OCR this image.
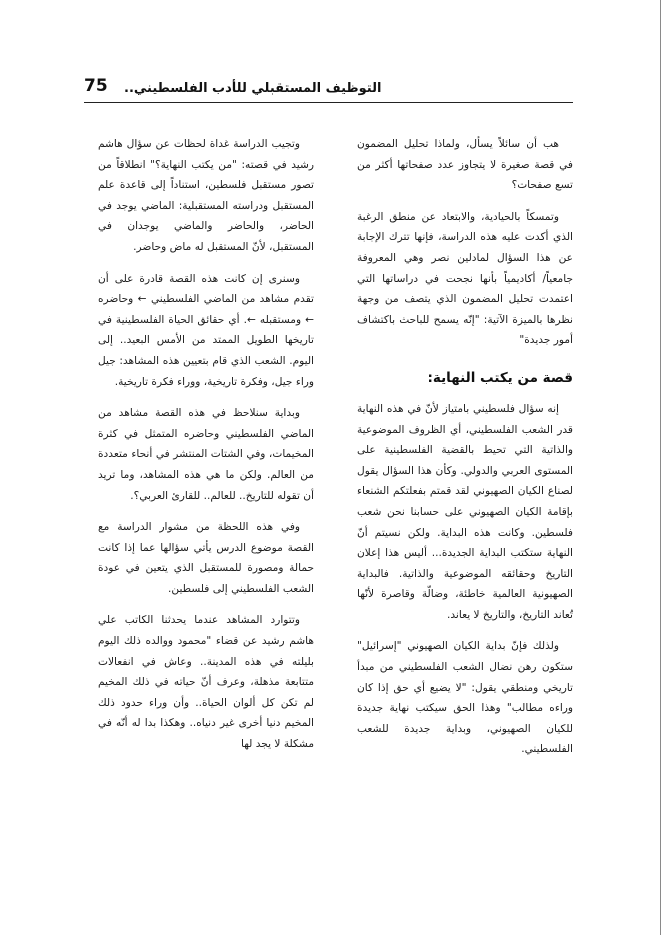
75 التوظيف المستقبلي للأدب الفلسطيني..

هب أن سائلاً يسأل، ولماذا تحليل المضمون في قصة صغيرة لا يتجاوز عدد صفحاتها أكثر من تسع صفحات؟

وتمسكاً بالحيادية، والابتعاد عن منطق الرغبة الذي أكدت عليه هذه الدراسة، فإنها تترك الإجابة عن هذا السؤال لمادلين نصر وهي المعروفة جامعياً/ أكاديمياً بأنها نجحت في دراساتها التي اعتمدت تحليل المضمون الذي يتصف من وجهة نظرها بالميزة الآتية: "إنّه يسمح للباحث باكتشاف أمور جديدة"

قصة من يكتب النهاية:

إنه سؤال فلسطيني بامتياز لأنّ في هذه النهاية قدر الشعب الفلسطيني، أي الظروف الموضوعية والذاتية التي تحيط بالقضية الفلسطينية على المستوى العربي والدولي. وكأن هذا السؤال يقول لصناع الكيان الصهيوني لقد قمتم بفعلتكم الشنعاء بإقامة الكيان الصهيوني على حسابنا نحن شعب فلسطين. وكانت هذه البداية. ولكن نسيتم أنّ النهاية ستكتب البداية الجديدة... أليس هذا إعلان التاريخ وحقائقه الموضوعية والذاتية. فالبداية الصهيونية العالمية خاطئة، وضالّة وقاصرة لأنّها تُعاند التاريخ، والتاريخ لا يعاند.

ولذلك فإنّ بداية الكيان الصهيوني "إسرائيل" ستكون رهن نضال الشعب الفلسطيني من مبدأ تاريخي ومنطقي يقول: "لا يضيع أي حق إذا كان وراءه مطالب" وهذا الحق سيكتب نهاية جديدة للكيان الصهيوني، وبداية جديدة للشعب الفلسطيني.

وتجيب الدراسة غداة لحظات عن سؤال هاشم رشيد في قصته: "من يكتب النهاية؟" انطلاقاً من تصور مستقبل فلسطين، استناداً إلى قاعدة علم المستقبل ودراسته المستقبلية: الماضي يوجد في الحاضر، والحاضر والماضي يوجدان في المستقبل، لأنّ المستقبل له ماض وحاضر.

وسنرى إن كانت هذه القصة قادرة على أن تقدم مشاهد من الماضي الفلسطيني ← وحاضره ← ومستقبله ←. أي حقائق الحياة الفلسطينية في تاريخها الطويل الممتد من الأمس البعيد.. إلى اليوم. الشعب الذي قام بتعيين هذه المشاهد: جيل وراء جيل، وفكرة تاريخية، ووراء فكرة تاريخية.

وبداية سنلاحظ في هذه القصة مشاهد من الماضي الفلسطيني وحاضره المتمثل في كثرة المخيمات، وفي الشتات المنتشر في أنحاء متعددة من العالم. ولكن ما هي هذه المشاهد، وما تريد أن تقوله للتاريخ.. للعالم.. للقارئ العربي؟.

وفي هذه اللحظة من مشوار الدراسة مع القصة موضوع الدرس يأتي سؤالها عما إذا كانت حمالة ومصورة للمستقبل الذي يتعين في عودة الشعب الفلسطيني إلى فلسطين.

وتتوارد المشاهد عندما يحدثنا الكاتب علي هاشم رشيد عن قضاء "محمود ووالده ذلك اليوم بليلته في هذه المدينة.. وعاش في انفعالات متتابعة مذهلة، وعرف أنّ حياته في ذلك المخيم لم تكن كل ألوان الحياة.. وأن وراء حدود ذلك المخيم دنيا أخرى غير دنياه.. وهكذا بدا له أنّه في مشكلة لا يجد لها
